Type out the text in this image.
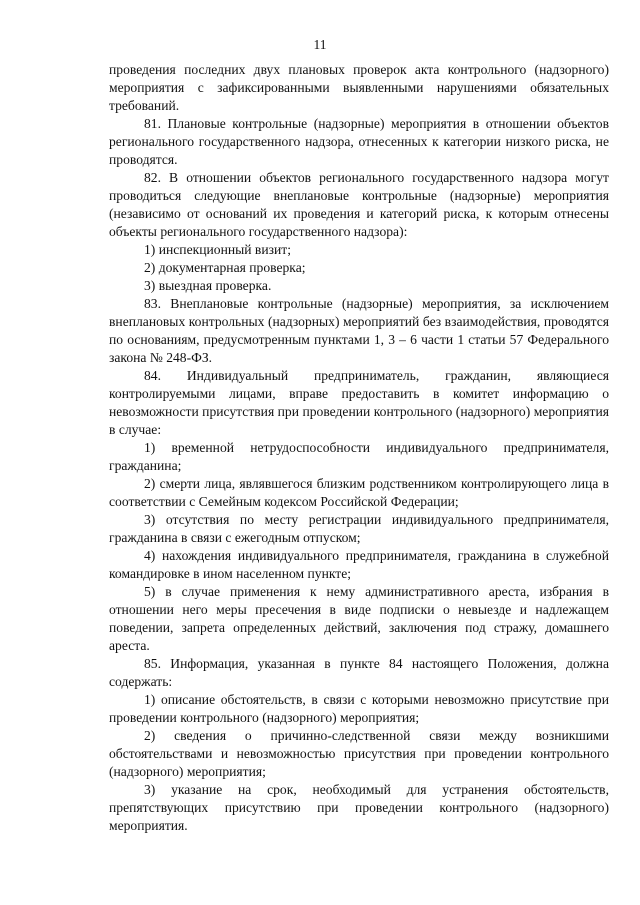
11

проведения последних двух плановых проверок акта контрольного (надзорного) мероприятия с зафиксированными выявленными нарушениями обязательных требований.

81. Плановые контрольные (надзорные) мероприятия в отношении объектов регионального государственного надзора, отнесенных к категории низкого риска, не проводятся.

82. В отношении объектов регионального государственного надзора могут проводиться следующие внеплановые контрольные (надзорные) мероприятия (независимо от оснований их проведения и категорий риска, к которым отнесены объекты регионального государственного надзора):

1) инспекционный визит;

2) документарная проверка;

3) выездная проверка.

83. Внеплановые контрольные (надзорные) мероприятия, за исключением внеплановых контрольных (надзорных) мероприятий без взаимодействия, проводятся по основаниям, предусмотренным пунктами 1, 3 – 6 части 1 статьи 57 Федерального закона № 248-ФЗ.

84. Индивидуальный предприниматель, гражданин, являющиеся контролируемыми лицами, вправе предоставить в комитет информацию о невозможности присутствия при проведении контрольного (надзорного) мероприятия в случае:

1) временной нетрудоспособности индивидуального предпринимателя, гражданина;

2) смерти лица, являвшегося близким родственником контролирующего лица в соответствии с Семейным кодексом Российской Федерации;

3) отсутствия по месту регистрации индивидуального предпринимателя, гражданина в связи с ежегодным отпуском;

4) нахождения индивидуального предпринимателя, гражданина в служебной командировке в ином населенном пункте;

5) в случае применения к нему административного ареста, избрания в отношении него меры пресечения в виде подписки о невыезде и надлежащем поведении, запрета определенных действий, заключения под стражу, домашнего ареста.

85. Информация, указанная в пункте 84 настоящего Положения, должна содержать:

1) описание обстоятельств, в связи с которыми невозможно присутствие при проведении контрольного (надзорного) мероприятия;

2) сведения о причинно-следственной связи между возникшими обстоятельствами и невозможностью присутствия при проведении контрольного (надзорного) мероприятия;

3) указание на срок, необходимый для устранения обстоятельств, препятствующих присутствию при проведении контрольного (надзорного) мероприятия.
